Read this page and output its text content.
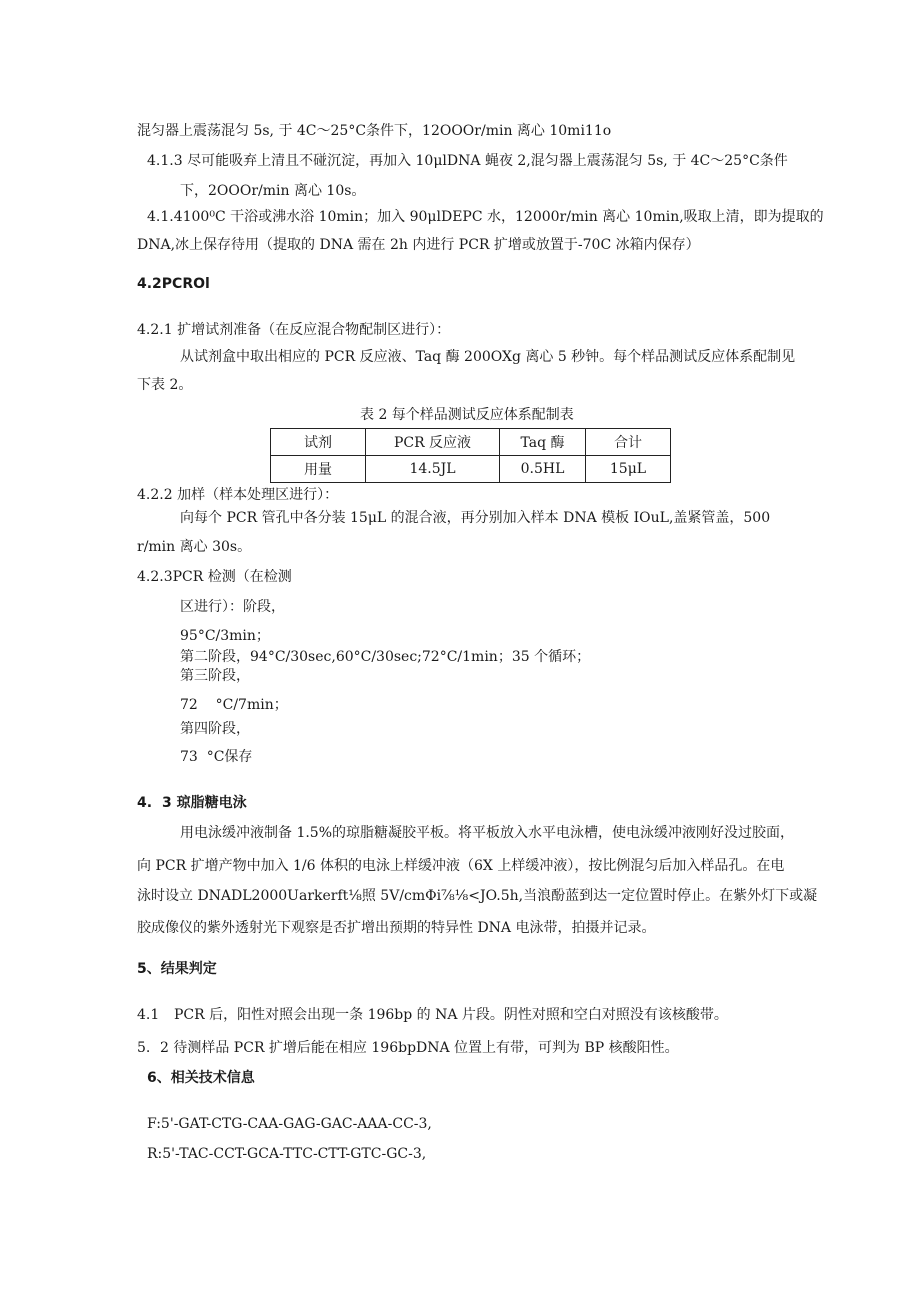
混匀器上震荡混匀 5s, 于 4C～25°C条件下，12OOOr/min 离心 10mi11o
4.1.3 尽可能吸弃上清且不碰沉淀，再加入 10μlDNA 蝇夜 2,混匀器上震荡混匀 5s, 于 4C～25°C条件
下，2OOOr/min 离心 10s。
4.1.4100⁰C 干浴或沸水浴 10min；加入 90μlDEPC 水，12000r/min 离心 10min,吸取上清，即为提取的
DNA,冰上保存待用（提取的 DNA 需在 2h 内进行 PCR 扩增或放置于-70C 冰箱内保存）
4.2PCROl
4.2.1 扩增试剂准备（在反应混合物配制区进行）：
从试剂盒中取出相应的 PCR 反应液、Taq 酶 200OXg 离心 5 秒钟。每个样品测试反应体系配制见
下表 2。
表 2 每个样品测试反应体系配制表
试剂	PCR 反应液	Taq 酶	合计
用量	14.5JL	0.5HL	15μL
4.2.2 加样（样本处理区进行）：
向每个 PCR 管孔中各分装 15μL 的混合液，再分别加入样本 DNA 模板 IOuL,盖紧管盖，500
r/min 离心 30s。
4.2.3PCR 检测（在检测
区进行）：阶段，
95°C/3min；
第二阶段，94°C/30sec,60°C/30sec;72°C/1min；35 个循环；
第三阶段，
72    °C/7min；
第四阶段，
73  °C保存
4. 3 琼脂糖电泳
用电泳缓冲液制备 1.5%的琼脂糖凝胶平板。将平板放入水平电泳槽，使电泳缓冲液刚好没过胶面，
向 PCR 扩增产物中加入 1/6 体积的电泳上样缓冲液（6X 上样缓冲液），按比例混匀后加入样品孔。在电
泳时设立 DNADL2000Uarkerft⅛照 5V/cmΦi⅞⅛<JO.5h,当浪酚蓝到达一定位置时停止。在紫外灯下或凝
胶成像仪的紫外透射光下观察是否扩增出预期的特异性 DNA 电泳带，拍摄并记录。
5、结果判定
4.1 PCR 后，阳性对照会出现一条 196bp 的 NA 片段。阴性对照和空白对照没有该核酸带。
5. 2 待测样品 PCR 扩增后能在相应 196bpDNA 位置上有带，可判为 BP 核酸阳性。
6、相关技术信息
F:5'-GAT-CTG-CAA-GAG-GAC-AAA-CC-3,
R:5'-TAC-CCT-GCA-TTC-CTT-GTC-GC-3,
